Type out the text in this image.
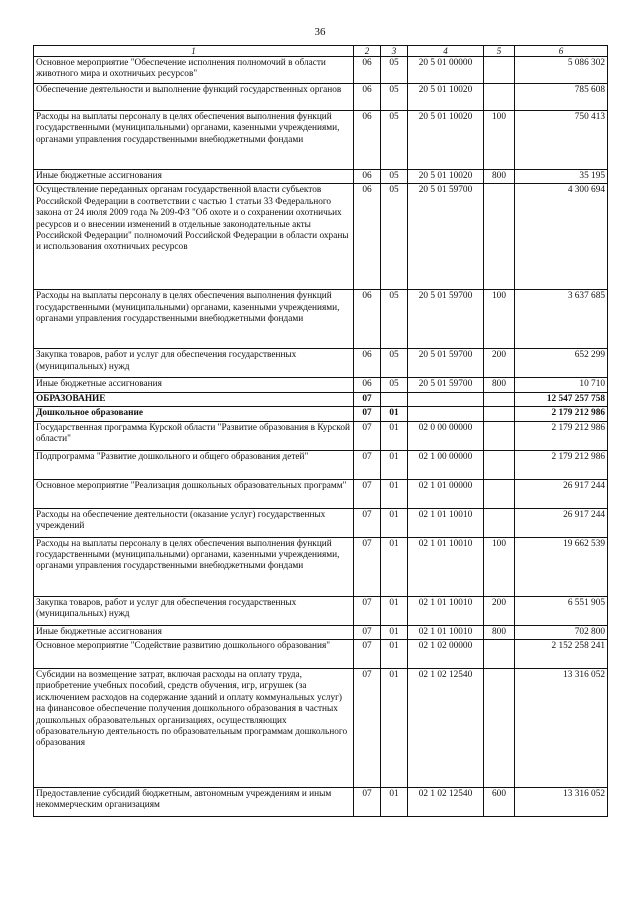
36
1	2	3	4	5	6
Основное мероприятие "Обеспечение исполнения полномочий в области животного мира и охотничьих ресурсов"	06	05	20 5 01 00000		5 086 302
Обеспечение деятельности и выполнение функций государственных органов	06	05	20 5 01 10020		785 608
Расходы на выплаты персоналу в целях обеспечения выполнения функций государственными (муниципальными) органами, казенными учреждениями, органами управления государственными внебюджетными фондами	06	05	20 5 01 10020	100	750 413
Иные бюджетные ассигнования	06	05	20 5 01 10020	800	35 195
Осуществление переданных органам государственной власти субъектов Российской Федерации в соответствии с частью 1 статьи 33 Федерального закона от 24 июля 2009 года № 209-ФЗ "Об охоте и о сохранении охотничьих ресурсов и о внесении изменений в отдельные законодательные акты Российской Федерации" полномочий Российской Федерации в области охраны и использования охотничьих ресурсов	06	05	20 5 01 59700		4 300 694
Расходы на выплаты персоналу в целях обеспечения выполнения функций государственными (муниципальными) органами, казенными учреждениями, органами управления государственными внебюджетными фондами	06	05	20 5 01 59700	100	3 637 685
Закупка товаров, работ и услуг для обеспечения государственных (муниципальных) нужд	06	05	20 5 01 59700	200	652 299
Иные бюджетные ассигнования	06	05	20 5 01 59700	800	10 710
ОБРАЗОВАНИЕ	07				12 547 257 758
Дошкольное образование	07	01			2 179 212 986
Государственная программа Курской области "Развитие образования в Курской области"	07	01	02 0 00 00000		2 179 212 986
Подпрограмма "Развитие дошкольного и общего образования детей"	07	01	02 1 00 00000		2 179 212 986
Основное мероприятие "Реализация дошкольных образовательных программ"	07	01	02 1 01 00000		26 917 244
Расходы на обеспечение деятельности (оказание услуг) государственных учреждений	07	01	02 1 01 10010		26 917 244
Расходы на выплаты персоналу в целях обеспечения выполнения функций государственными (муниципальными) органами, казенными учреждениями, органами управления государственными внебюджетными фондами	07	01	02 1 01 10010	100	19 662 539
Закупка товаров, работ и услуг для обеспечения государственных (муниципальных) нужд	07	01	02 1 01 10010	200	6 551 905
Иные бюджетные ассигнования	07	01	02 1 01 10010	800	702 800
Основное мероприятие "Содействие развитию дошкольного образования"	07	01	02 1 02 00000		2 152 258 241
Субсидии на возмещение затрат, включая расходы на оплату труда, приобретение учебных пособий, средств обучения, игр, игрушек (за исключением расходов на содержание зданий и оплату коммунальных услуг) на финансовое обеспечение получения дошкольного образования в частных дошкольных образовательных организациях, осуществляющих образовательную деятельность по образовательным программам дошкольного образования	07	01	02 1 02 12540		13 316 052
Предоставление субсидий бюджетным, автономным учреждениям и иным некоммерческим организациям	07	01	02 1 02 12540	600	13 316 052
